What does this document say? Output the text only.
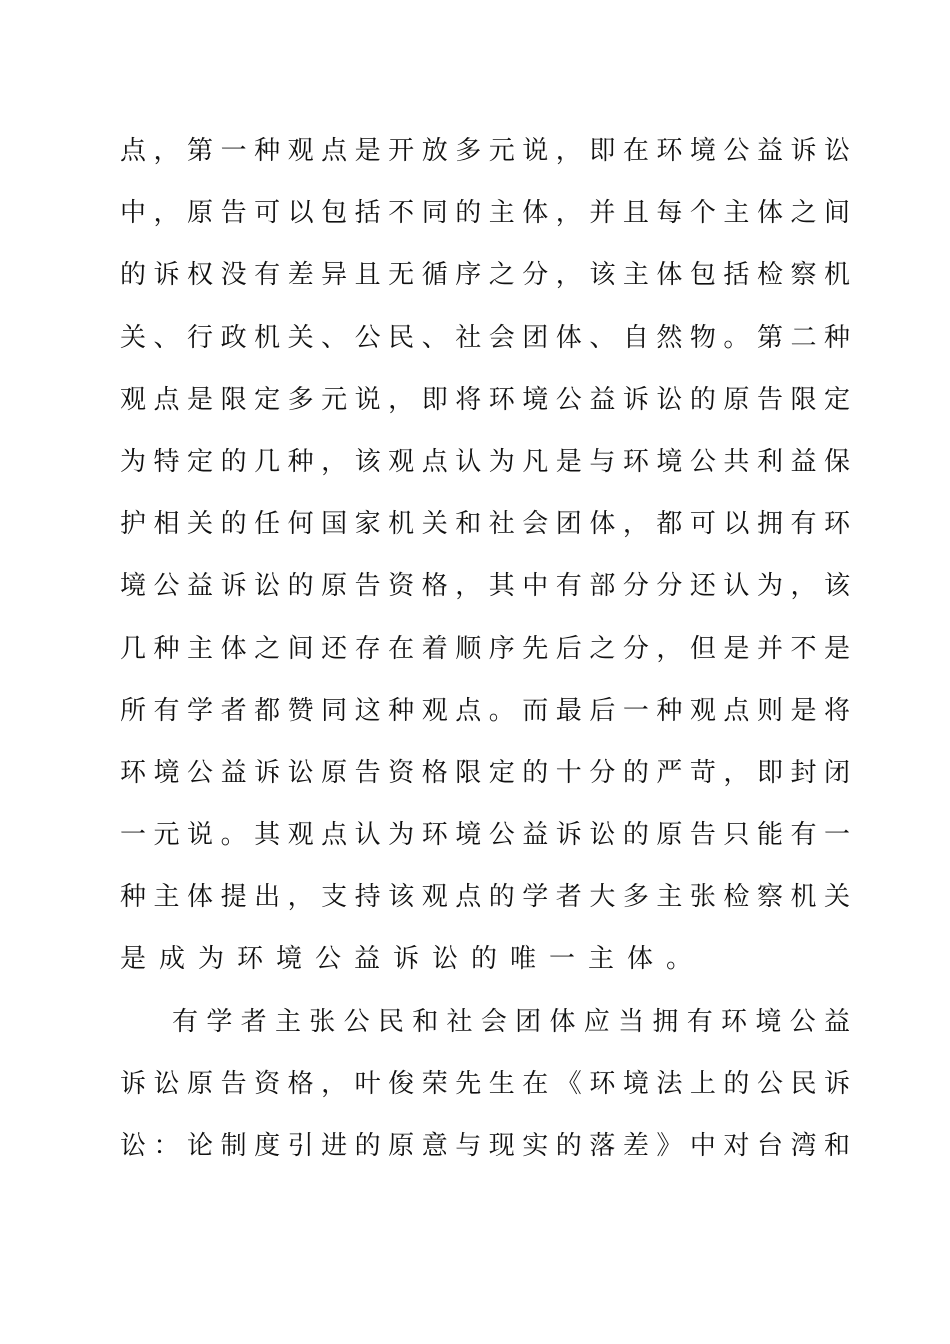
点，第一种观点是开放多元说，即在环境公益诉讼
中，原告可以包括不同的主体，并且每个主体之间
的诉权没有差异且无循序之分，该主体包括检察机
关、行政机关、公民、社会团体、自然物。第二种
观点是限定多元说，即将环境公益诉讼的原告限定
为特定的几种，该观点认为凡是与环境公共利益保
护相关的任何国家机关和社会团体，都可以拥有环
境公益诉讼的原告资格，其中有部分分还认为，该
几种主体之间还存在着顺序先后之分，但是并不是
所有学者都赞同这种观点。而最后一种观点则是将
环境公益诉讼原告资格限定的十分的严苛，即封闭
一元说。其观点认为环境公益诉讼的原告只能有一
种主体提出，支持该观点的学者大多主张检察机关
是成为环境公益诉讼的唯一主体。
有学者主张公民和社会团体应当拥有环境公益
诉讼原告资格，叶俊荣先生在《环境法上的公民诉
讼：论制度引进的原意与现实的落差》中对台湾和
